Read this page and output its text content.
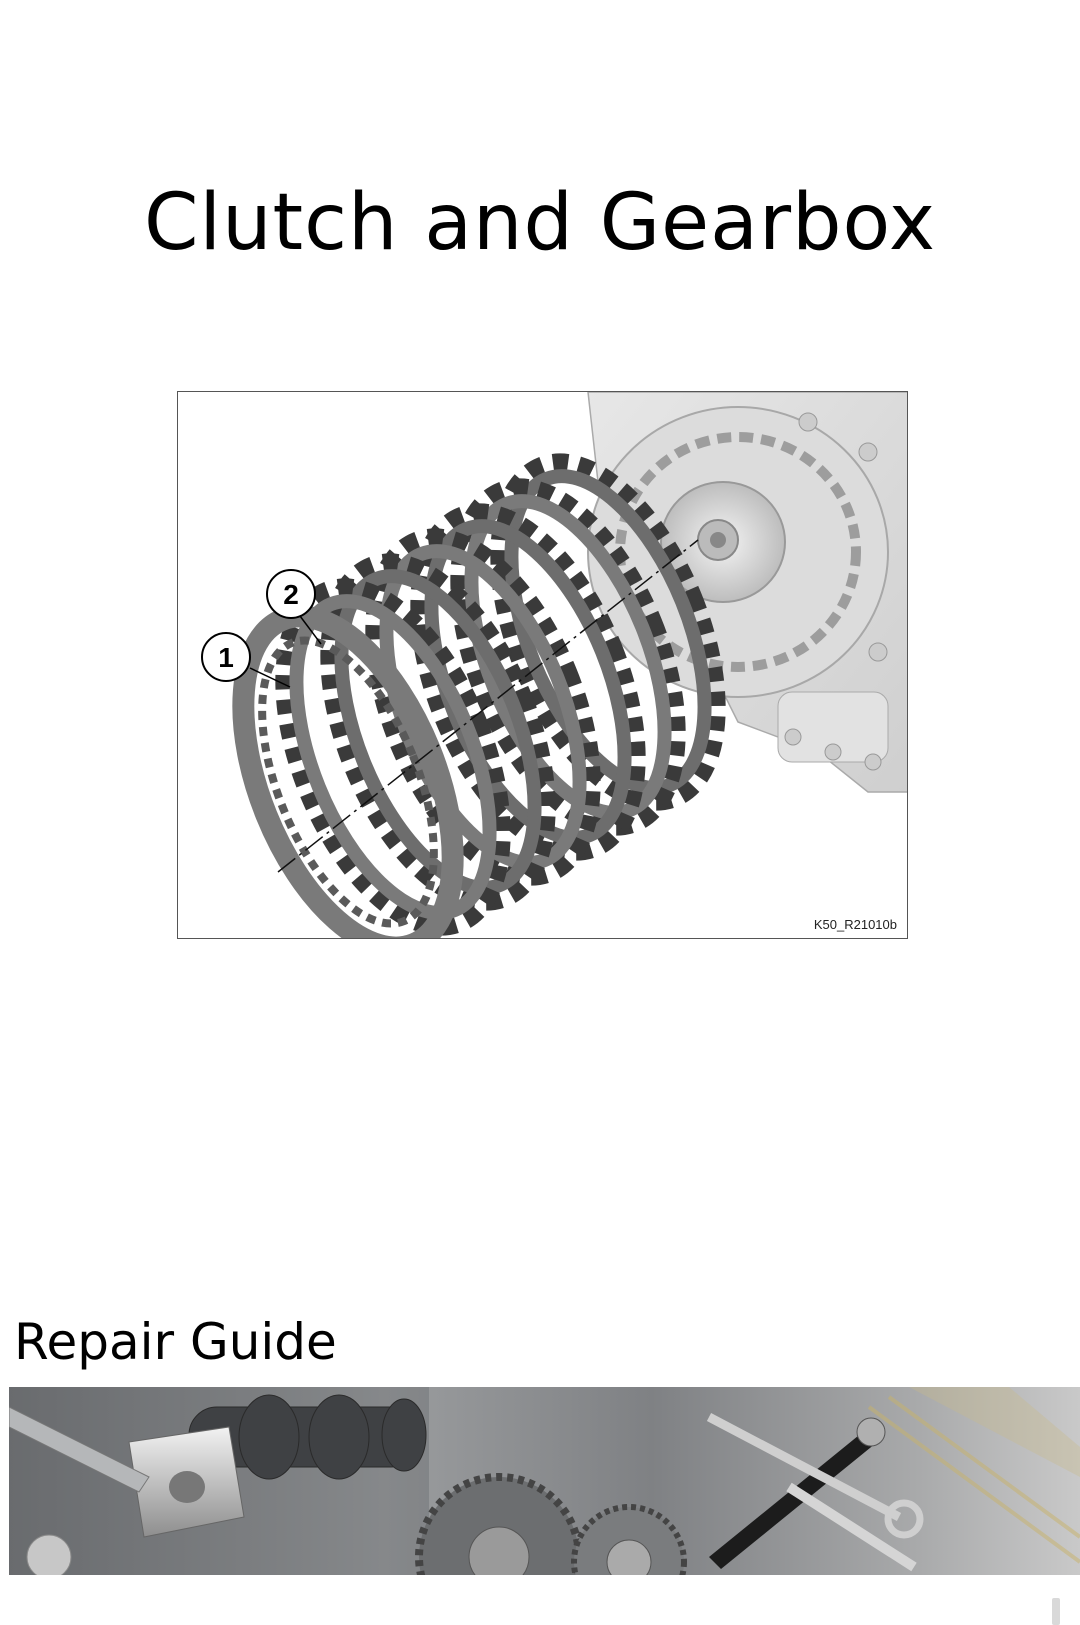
Clutch and Gearbox
1
2
K50_R21010b
Repair Guide
